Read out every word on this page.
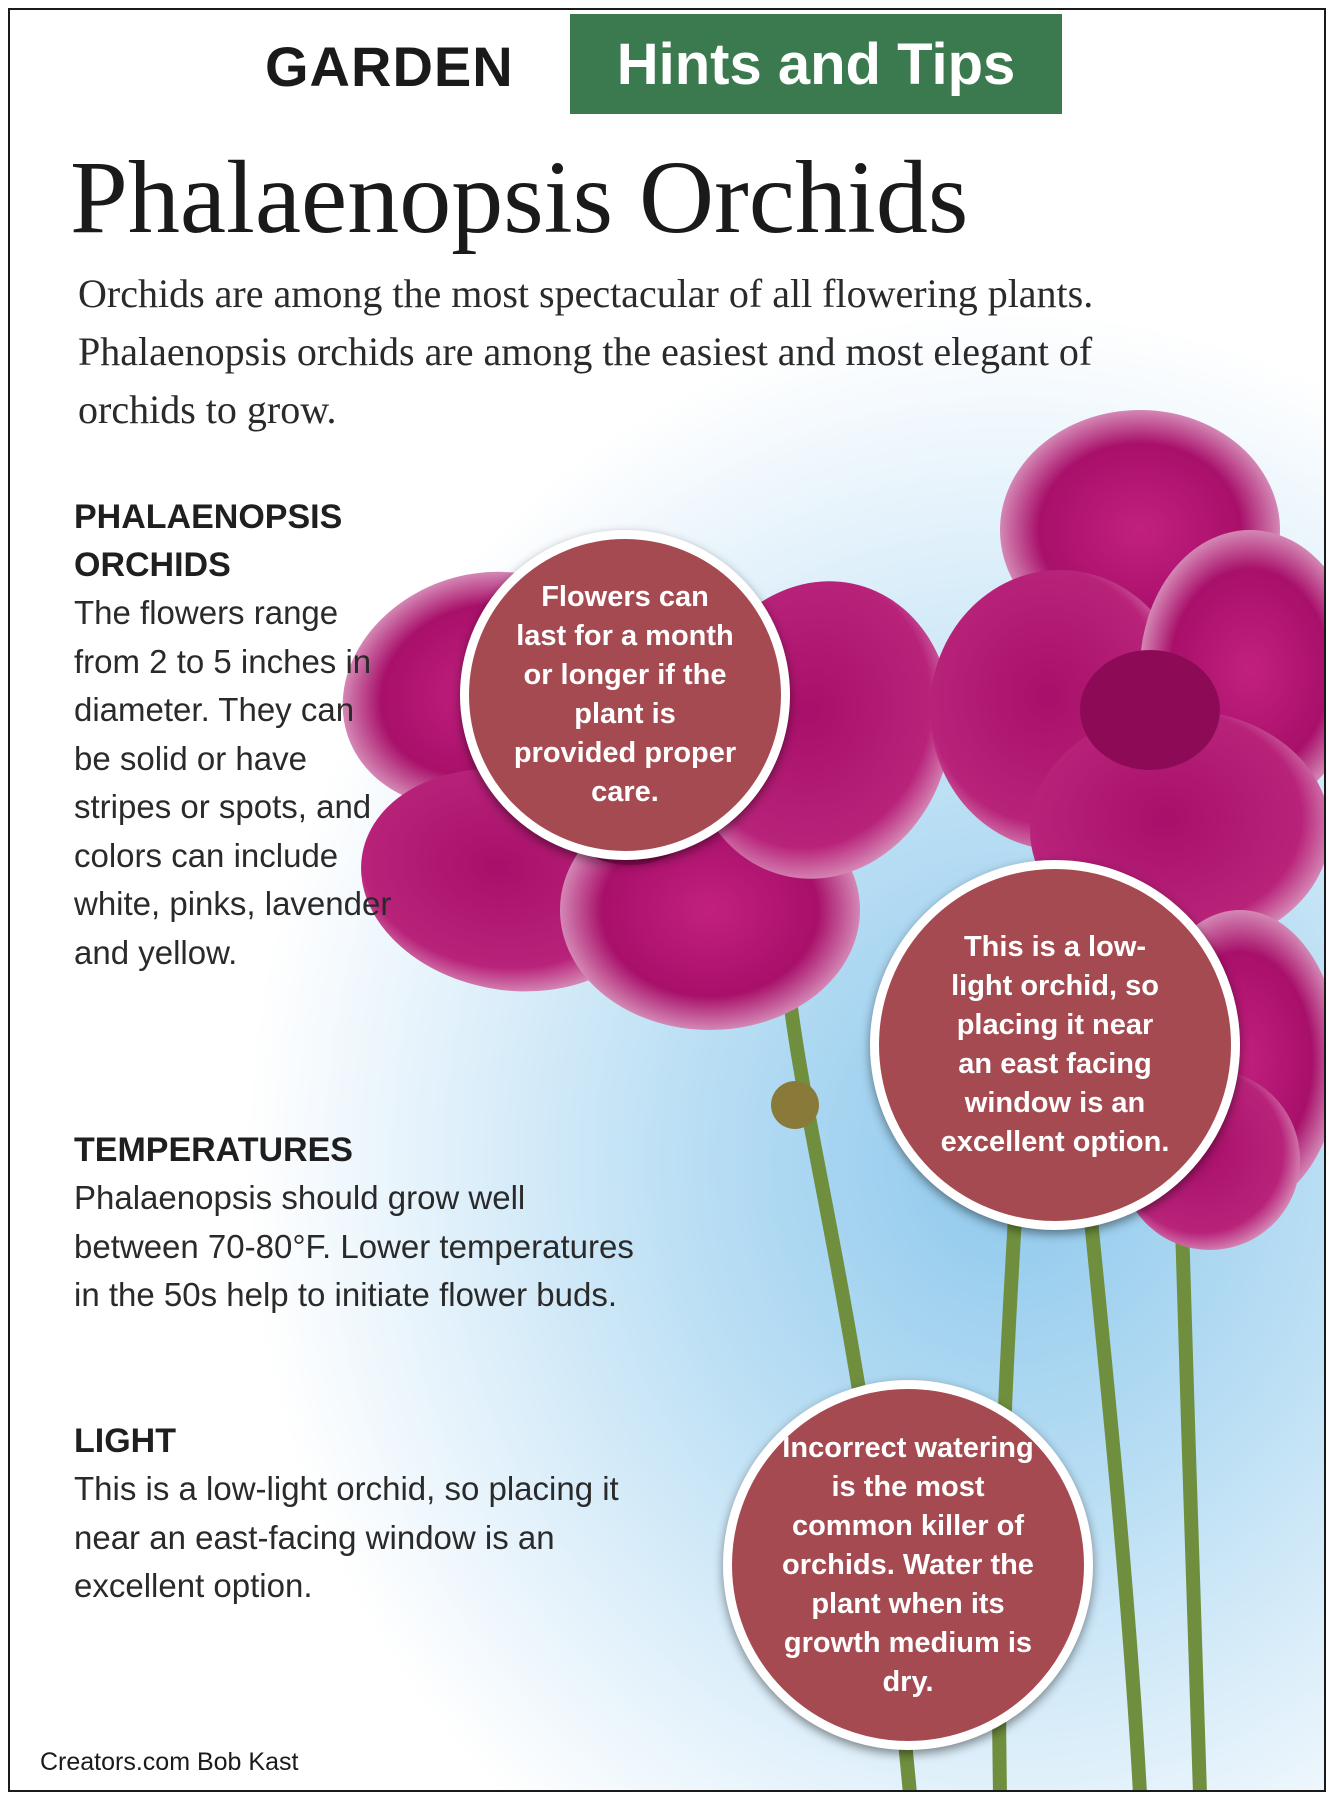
GARDEN	Hints and Tips
Phalaenopsis Orchids
Orchids are among the most spectacular of all flowering plants. Phalaenopsis orchids are among the easiest and most elegant of orchids to grow.
PHALAENOPSIS ORCHIDS

The flowers range from 2 to 5 inches in diameter. They can be solid or have stripes or spots, and colors can include white, pinks, lavender and yellow.

TEMPERATURES

Phalaenopsis should grow well between 70-80°F. Lower temperatures in the 50s help to initiate flower buds.

LIGHT

This is a low-light orchid, so placing it near an east-facing window is an excellent option.

Flowers can last for a month or longer if the plant is provided proper care.
This is a low-light orchid, so placing it near an east facing window is an excellent option.
Incorrect watering is the most common killer of orchids. Water the plant when its growth medium is dry.
Creators.com Bob Kast
